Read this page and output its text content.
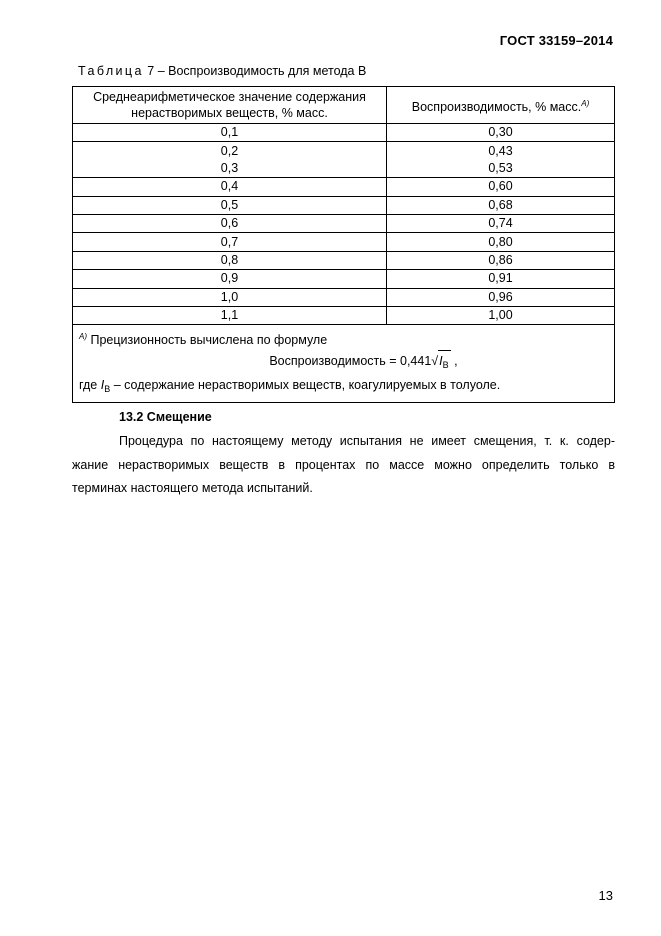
ГОСТ 33159–2014
Таблица 7 – Воспроизводимость для метода В
Среднеарифметическое значение содержания
нерастворимых веществ, % масс.	Воспроизводимость, % масс.$^{А)}$
0,1	0,30
0,2	0,43
0,3	0,53
0,4	0,60
0,5	0,68
0,6	0,74
0,7	0,80
0,8	0,86
0,9	0,91
1,0	0,96
1,1	1,00

$^{А)}$ Прецизионность вычислена по формуле
Воспроизводимость = $0,441√I_B$ ,
где $I_B$ – содержание нерастворимых веществ, коагулируемых в толуоле.	
13.2 Смещение
Процедура по настоящему методу испытания не имеет смещения, т. к. содер-
жание нерастворимых веществ в процентах по массе можно определить только в
терминах настоящего метода испытаний.
13
